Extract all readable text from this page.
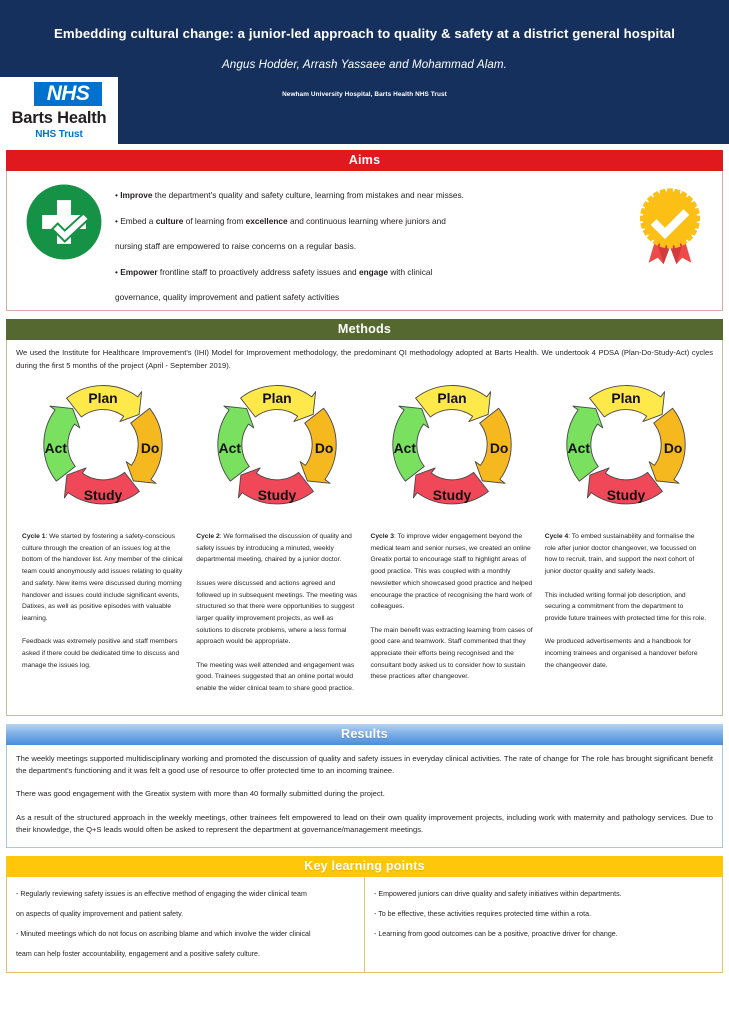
Embedding cultural change: a junior-led approach to quality & safety at a district general hospital
Angus Hodder, Arrash Yassaee and Mohammad Alam.
Newham University Hospital, Barts Health NHS Trust
NHS
Barts Health
NHS Trust
Aims
• Improve the department's quality and safety culture, learning from mistakes and near misses.
• Embed a culture of learning from excellence and continuous learning where juniors and
nursing staff are empowered to raise concerns on a regular basis.
• Empower frontline staff to proactively address safety issues and engage with clinical
governance, quality improvement and patient safety activities
Methods
We used the Institute for Healthcare Improvement's (IHI) Model for Improvement methodology, the predominant QI methodology adopted at Barts Health. We undertook 4 PDSA (Plan-Do-Study-Act) cycles during the first 5 months of the project (April - September 2019).
Plan
Do
Study
Act

Cycle 1: We started by fostering a safety-conscious culture through the creation of an issues log at the bottom of the handover list. Any member of the clinical team could anonymously add issues relating to quality and safety. New items were discussed during morning handover and issues could include significant events, Datixes, as well as positive episodes with valuable learning.

Feedback was extremely positive and staff members asked if there could be dedicated time to discuss and manage the issues log.

Plan
Do
Study
Act

Cycle 2: We formalised the discussion of quality and safety issues by introducing a minuted, weekly departmental meeting, chaired by a junior doctor.

Issues were discussed and actions agreed and followed up in subsequent meetings. The meeting was structured so that there were opportunities to suggest larger quality improvement projects, as well as solutions to discrete problems, where a less formal approach would be appropriate.

The meeting was well attended and engagement was good. Trainees suggested that an online portal would enable the wider clinical team to share good practice.

Plan
Do
Study
Act

Cycle 3: To improve wider engagement beyond the medical team and senior nurses, we created an online Greatix portal to encourage staff to highlight areas of good practice. This was coupled with a monthly newsletter which showcased good practice and helped encourage the practice of recognising the hard work of colleagues.

The main benefit was extracting learning from cases of good care and teamwork. Staff commented that they appreciate their efforts being recognised and the consultant body asked us to consider how to sustain these practices after changeover.

Plan
Do
Study
Act

Cycle 4: To embed sustainability and formalise the role after junior doctor changeover, we focussed on how to recruit, train, and support the next cohort of junior doctor quality and safety leads.

This included writing formal job description, and securing a commitment from the department to provide future trainees with protected time for this role.

We produced advertisements and a handbook for incoming trainees and organised a handover before the changeover date.

Results
The weekly meetings supported multidisciplinary working and promoted the discussion of quality and safety issues in everyday clinical activities. The rate of change for The role has brought significant benefit the department's functioning and it was felt a good use of resource to offer protected time to an incoming trainee.
There was good engagement with the Greatix system with more than 40 formally submitted during the project.
As a result of the structured approach in the weekly meetings, other trainees felt empowered to lead on their own quality improvement projects, including work with maternity and pathology services. Due to their knowledge, the Q+S leads would often be asked to represent the department at governance/management meetings.
Key learning points
- Regularly reviewing safety issues is an effective method of engaging the wider clinical team
on aspects of quality improvement and patient safety.
- Minuted meetings which do not focus on ascribing blame and which involve the wider clinical
team can help foster accountability, engagement and a positive safety culture.
- Empowered juniors can drive quality and safety initiatives within departments.
- To be effective, these activities requires protected time within a rota.
- Learning from good outcomes can be a positive, proactive driver for change.
